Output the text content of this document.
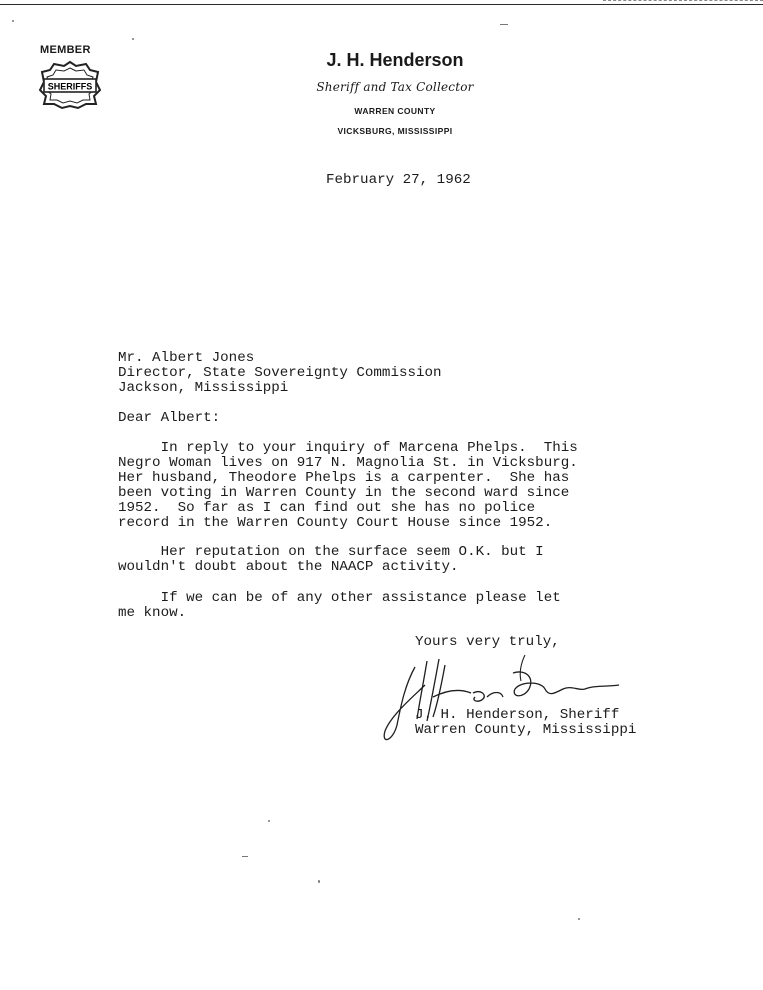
MEMBER
SHERIFFS
J. H. Henderson
Sheriff and Tax Collector
WARREN COUNTY
VICKSBURG, MISSISSIPPI
February 27, 1962
Mr. Albert Jones
Director, State Sovereignty Commission
Jackson, Mississippi
Dear Albert:
In reply to your inquiry of Marcena Phelps.  This
Negro Woman lives on 917 N. Magnolia St. in Vicksburg.
Her husband, Theodore Phelps is a carpenter.  She has
been voting in Warren County in the second ward since
1952.  So far as I can find out she has no police
record in the Warren County Court House since 1952.
Her reputation on the surface seem O.K. but I
wouldn't doubt about the NAACP activity.
If we can be of any other assistance please let
me know.
Yours very truly,
J. H. Henderson, Sheriff
Warren County, Mississippi
